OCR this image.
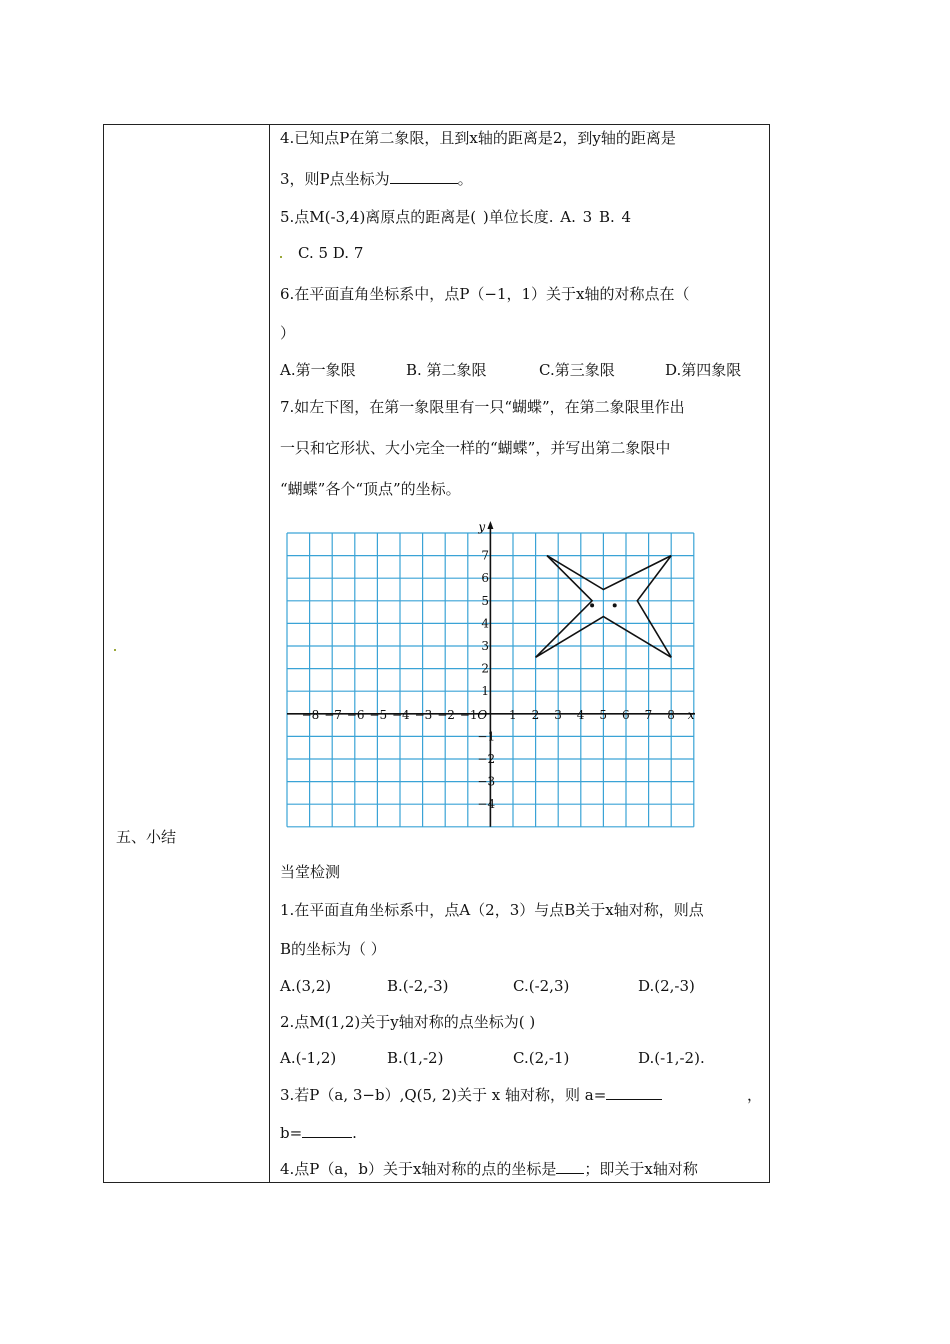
五、小结
4.已知点P在第二象限，且到x轴的距离是2，到y轴的距离是
3，则P点坐标为	。
5.点M(-3,4)离原点的距离是( )单位长度. A. 3 B. 4
C. 5 D. 7
6.在平面直角坐标系中，点P（−1，1）关于x轴的对称点在（
）
A.第一象限	B. 第二象限	C.第三象限	D.第四象限
7.如左下图，在第一象限里有一只“蝴蝶”，在第二象限里作出
一只和它形状、大小完全一样的“蝴蝶”，并写出第二象限中
“蝴蝶”各个“顶点”的坐标。
当堂检测
1.在平面直角坐标系中，点A（2，3）与点B关于x轴对称，则点
B的坐标为（ ）
A.(3,2)	B.(-2,-3)	C.(-2,3)	D.(2,-3)
2.点M(1,2)关于y轴对称的点坐标为( )
A.(-1,2)	B.(1,-2)	C.(2,-1)	D.(-1,-2).
3.若P（a, 3−b）,Q(5, 2)关于 x 轴对称，则 a=	，
b=	.
4.点P（a，b）关于x轴对称的点的坐标是 ；即关于x轴对称
x
y
O
−8 −7 −6 −5 −4 −3 −2 −1	1 2 3 4 5 6 7 8
7
6
5
4
3
2
1
−1
−2
−3
−4
